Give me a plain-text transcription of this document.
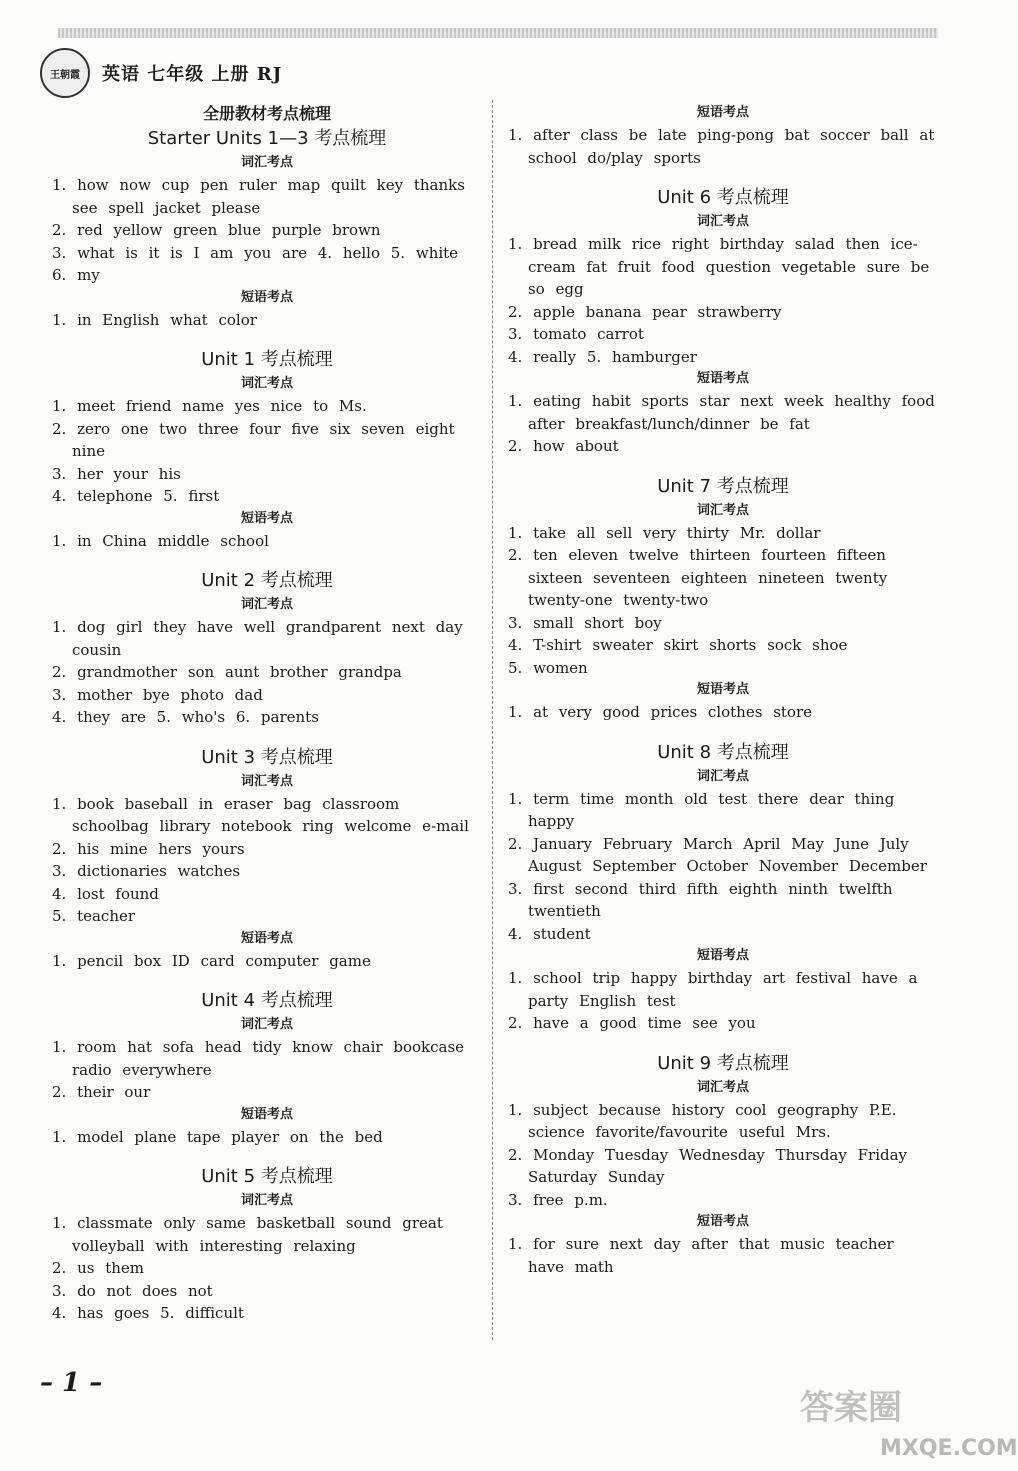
王朝霞	英语 七年级 上册 RJ
全册教材考点梳理
Starter Units 1—3 考点梳理
词汇考点
1. how now cup pen ruler map quilt key thanks see spell jacket please
2. red yellow green blue purple brown
3. what is it is I am you are 4. hello 5. white
6. my
短语考点
1. in English what color
Unit 1 考点梳理
词汇考点
1. meet friend name yes nice to Ms.
2. zero one two three four five six seven eight nine
3. her your his
4. telephone 5. first
短语考点
1. in China middle school
Unit 2 考点梳理
词汇考点
1. dog girl they have well grandparent next day cousin
2. grandmother son aunt brother grandpa
3. mother bye photo dad
4. they are 5. who's 6. parents
Unit 3 考点梳理
词汇考点
1. book baseball in eraser bag classroom schoolbag library notebook ring welcome e-mail
2. his mine hers yours
3. dictionaries watches
4. lost found
5. teacher
短语考点
1. pencil box ID card computer game
Unit 4 考点梳理
词汇考点
1. room hat sofa head tidy know chair bookcase radio everywhere
2. their our
短语考点
1. model plane tape player on the bed
Unit 5 考点梳理
词汇考点
1. classmate only same basketball sound great volleyball with interesting relaxing
2. us them
3. do not does not
4. has goes 5. difficult
短语考点
1. after class be late ping-pong bat soccer ball at school do/play sports
Unit 6 考点梳理
词汇考点
1. bread milk rice right birthday salad then ice-cream fat fruit food question vegetable sure be so egg
2. apple banana pear strawberry
3. tomato carrot
4. really 5. hamburger
短语考点
1. eating habit sports star next week healthy food after breakfast/lunch/dinner be fat
2. how about
Unit 7 考点梳理
词汇考点
1. take all sell very thirty Mr. dollar
2. ten eleven twelve thirteen fourteen fifteen sixteen seventeen eighteen nineteen twenty twenty-one twenty-two
3. small short boy
4. T-shirt sweater skirt shorts sock shoe
5. women
短语考点
1. at very good prices clothes store
Unit 8 考点梳理
词汇考点
1. term time month old test there dear thing happy
2. January February March April May June July August September October November December
3. first second third fifth eighth ninth twelfth twentieth
4. student
短语考点
1. school trip happy birthday art festival have a party English test
2. have a good time see you
Unit 9 考点梳理
词汇考点
1. subject because history cool geography P.E. science favorite/favourite useful Mrs.
2. Monday Tuesday Wednesday Thursday Friday Saturday Sunday
3. free p.m.
短语考点
1. for sure next day after that music teacher have math
– 1 –
答案圈
MXQE.COM
